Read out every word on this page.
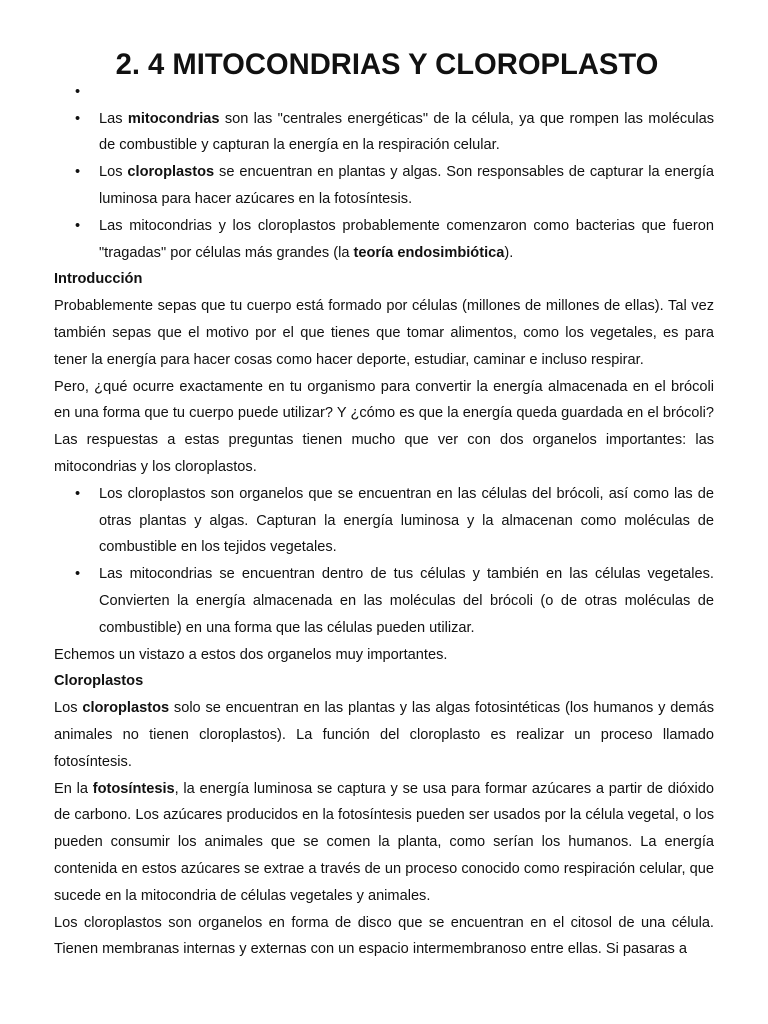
2. 4 MITOCONDRIAS Y CLOROPLASTO
•
•	Las mitocondrias son las "centrales energéticas" de la célula, ya que rompen las moléculas de combustible y capturan la energía en la respiración celular.
•	Los cloroplastos se encuentran en plantas y algas. Son responsables de capturar la energía luminosa para hacer azúcares en la fotosíntesis.
•	Las mitocondrias y los cloroplastos probablemente comenzaron como bacterias que fueron "tragadas" por células más grandes (la teoría endosimbiótica).
Introducción

Probablemente sepas que tu cuerpo está formado por células (millones de millones de ellas). Tal vez también sepas que el motivo por el que tienes que tomar alimentos, como los vegetales, es para tener la energía para hacer cosas como hacer deporte, estudiar, caminar e incluso respirar.

Pero, ¿qué ocurre exactamente en tu organismo para convertir la energía almacenada en el brócoli en una forma que tu cuerpo puede utilizar? Y ¿cómo es que la energía queda guardada en el brócoli? Las respuestas a estas preguntas tienen mucho que ver con dos organelos importantes: las mitocondrias y los cloroplastos.

•	Los cloroplastos son organelos que se encuentran en las células del brócoli, así como las de otras plantas y algas. Capturan la energía luminosa y la almacenan como moléculas de combustible en los tejidos vegetales.
•	Las mitocondrias se encuentran dentro de tus células y también en las células vegetales. Convierten la energía almacenada en las moléculas del brócoli (o de otras moléculas de combustible) en una forma que las células pueden utilizar.

Echemos un vistazo a estos dos organelos muy importantes.

Cloroplastos

Los cloroplastos solo se encuentran en las plantas y las algas fotosintéticas (los humanos y demás animales no tienen cloroplastos). La función del cloroplasto es realizar un proceso llamado fotosíntesis.

En la fotosíntesis, la energía luminosa se captura y se usa para formar azúcares a partir de dióxido de carbono. Los azúcares producidos en la fotosíntesis pueden ser usados por la célula vegetal, o los pueden consumir los animales que se comen la planta, como serían los humanos. La energía contenida en estos azúcares se extrae a través de un proceso conocido como respiración celular, que sucede en la mitocondria de células vegetales y animales.

Los cloroplastos son organelos en forma de disco que se encuentran en el citosol de una célula. Tienen membranas internas y externas con un espacio intermembranoso entre ellas. Si pasaras a
